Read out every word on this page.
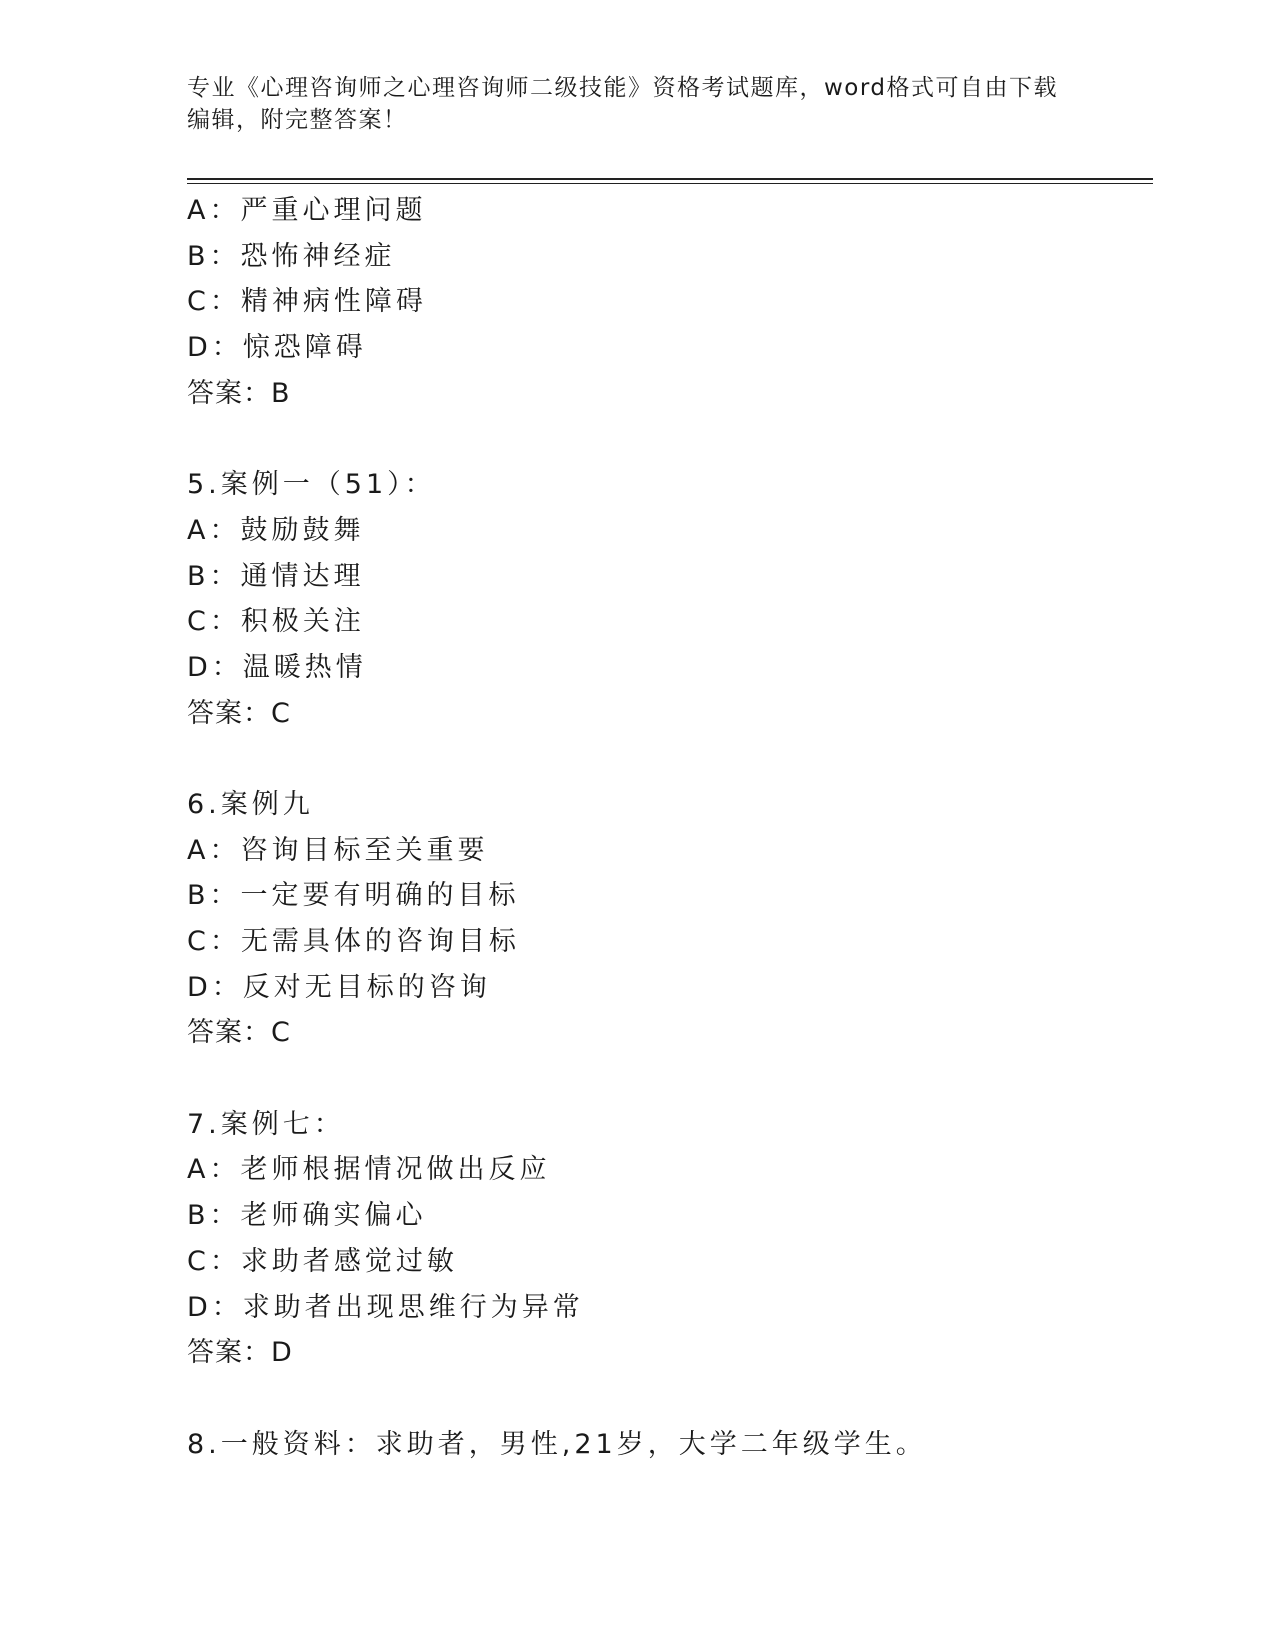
专业《心理咨询师之心理咨询师二级技能》资格考试题库，word格式可自由下载
编辑，附完整答案！
A：严重心理问题
B：恐怖神经症
C：精神病性障碍
D：惊恐障碍
答案：B
5.案例一（51）：
A：鼓励鼓舞
B：通情达理
C：积极关注
D：温暖热情
答案：C
6.案例九
A：咨询目标至关重要
B：一定要有明确的目标
C：无需具体的咨询目标
D：反对无目标的咨询
答案：C
7.案例七：
A：老师根据情况做出反应
B：老师确实偏心
C：求助者感觉过敏
D：求助者出现思维行为异常
答案：D
8.一般资料：求助者，男性,21岁，大学二年级学生。
